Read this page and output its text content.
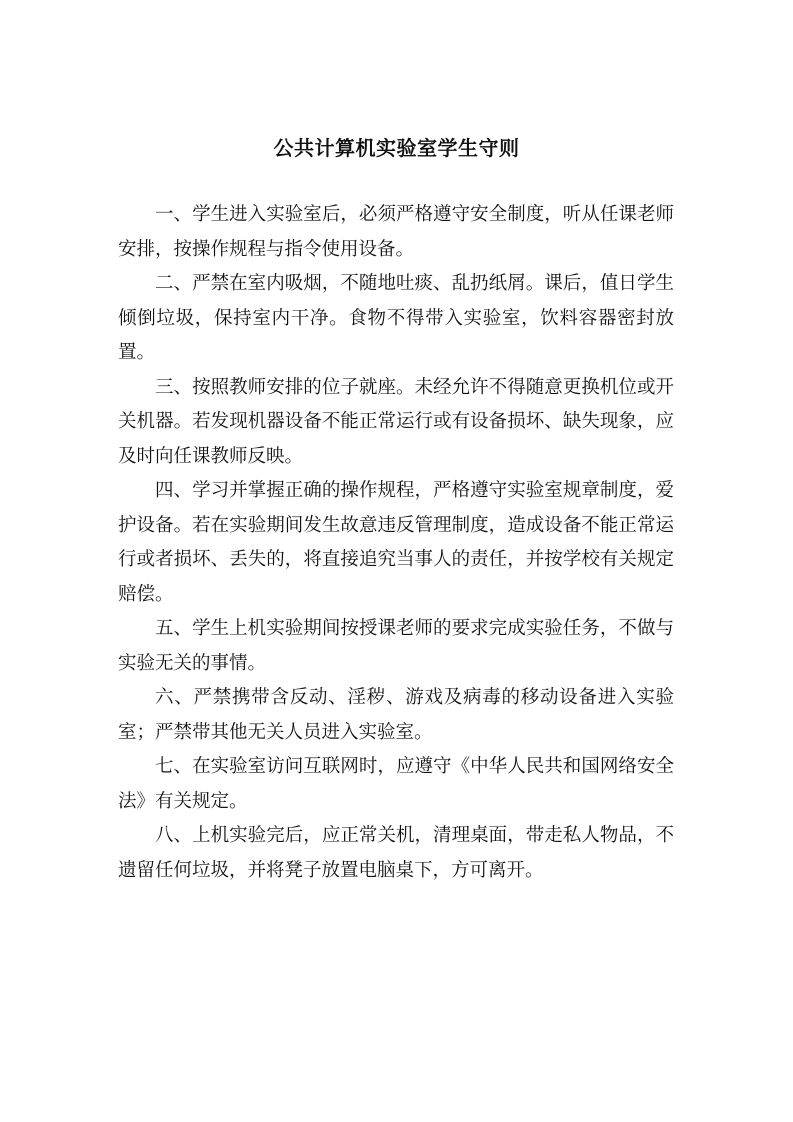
公共计算机实验室学生守则

一、学生进入实验室后，必须严格遵守安全制度，听从任课老师安排，按操作规程与指令使用设备。

二、严禁在室内吸烟，不随地吐痰、乱扔纸屑。课后，值日学生倾倒垃圾，保持室内干净。食物不得带入实验室，饮料容器密封放置。

三、按照教师安排的位子就座。未经允许不得随意更换机位或开关机器。若发现机器设备不能正常运行或有设备损坏、缺失现象，应及时向任课教师反映。

四、学习并掌握正确的操作规程，严格遵守实验室规章制度，爱护设备。若在实验期间发生故意违反管理制度，造成设备不能正常运行或者损坏、丢失的，将直接追究当事人的责任，并按学校有关规定赔偿。

五、学生上机实验期间按授课老师的要求完成实验任务，不做与实验无关的事情。

六、严禁携带含反动、淫秽、游戏及病毒的移动设备进入实验室；严禁带其他无关人员进入实验室。

七、在实验室访问互联网时，应遵守《中华人民共和国网络安全法》有关规定。

八、上机实验完后，应正常关机，清理桌面，带走私人物品，不遗留任何垃圾，并将凳子放置电脑桌下，方可离开。
